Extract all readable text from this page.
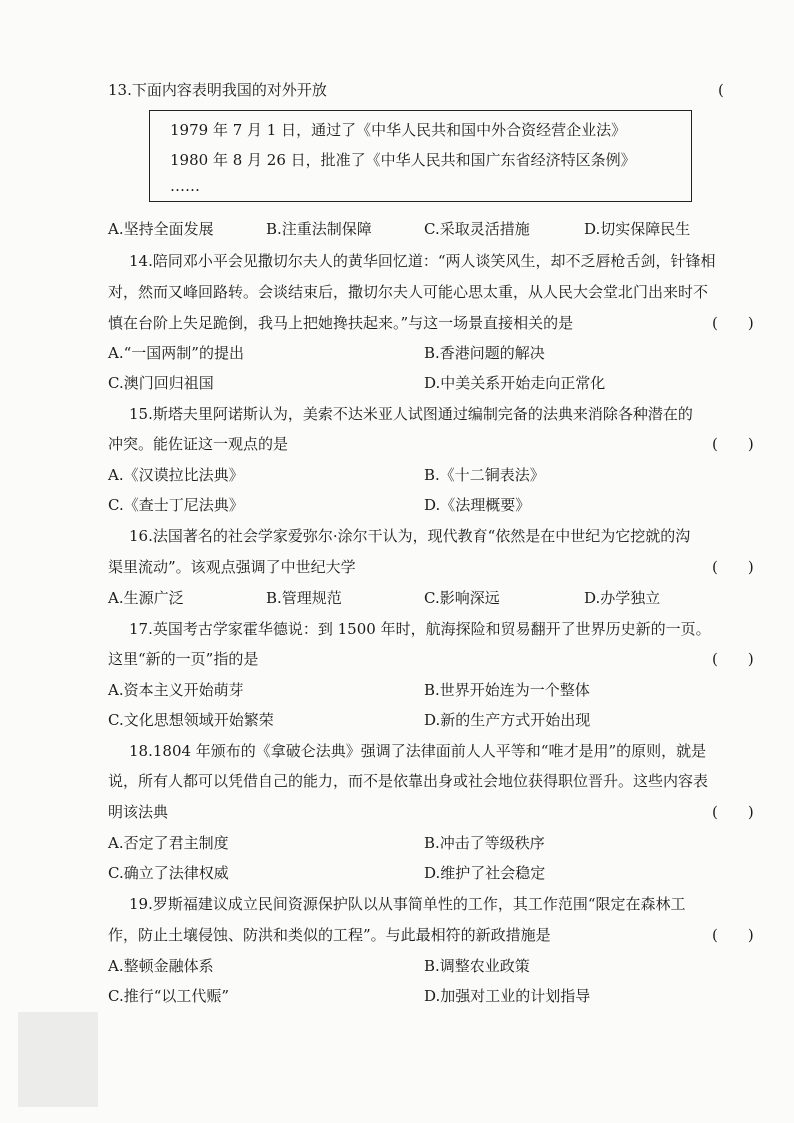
13.下面内容表明我国的对外开放	(
1979 年 7 月 1 日，通过了《中华人民共和国中外合资经营企业法》
1980 年 8 月 26 日，批准了《中华人民共和国广东省经济特区条例》
……
A.坚持全面发展	B.注重法制保障	C.采取灵活措施	D.切实保障民生
14.陪同邓小平会见撒切尔夫人的黄华回忆道：“两人谈笑风生，却不乏唇枪舌剑，针锋相
对，然而又峰回路转。会谈结束后，撒切尔夫人可能心思太重，从人民大会堂北门出来时不
慎在台阶上失足跪倒，我马上把她搀扶起来。”与这一场景直接相关的是	(　　)
A.“一国两制”的提出	B.香港问题的解决
C.澳门回归祖国	D.中美关系开始走向正常化
15.斯塔夫里阿诺斯认为，美索不达米亚人试图通过编制完备的法典来消除各种潜在的
冲突。能佐证这一观点的是	(　　)
A.《汉谟拉比法典》	B.《十二铜表法》
C.《查士丁尼法典》	D.《法理概要》
16.法国著名的社会学家爱弥尔·涂尔干认为，现代教育“依然是在中世纪为它挖就的沟
渠里流动”。该观点强调了中世纪大学	(　　)
A.生源广泛	B.管理规范	C.影响深远	D.办学独立
17.英国考古学家霍华德说：到 1500 年时，航海探险和贸易翻开了世界历史新的一页。
这里“新的一页”指的是	(　　)
A.资本主义开始萌芽	B.世界开始连为一个整体
C.文化思想领域开始繁荣	D.新的生产方式开始出现
18.1804 年颁布的《拿破仑法典》强调了法律面前人人平等和“唯才是用”的原则，就是
说，所有人都可以凭借自己的能力，而不是依靠出身或社会地位获得职位晋升。这些内容表
明该法典	(　　)
A.否定了君主制度	B.冲击了等级秩序
C.确立了法律权威	D.维护了社会稳定
19.罗斯福建议成立民间资源保护队以从事简单性的工作，其工作范围“限定在森林工
作，防止土壤侵蚀、防洪和类似的工程”。与此最相符的新政措施是	(　　)
A.整顿金融体系	B.调整农业政策
C.推行“以工代赈”	D.加强对工业的计划指导
